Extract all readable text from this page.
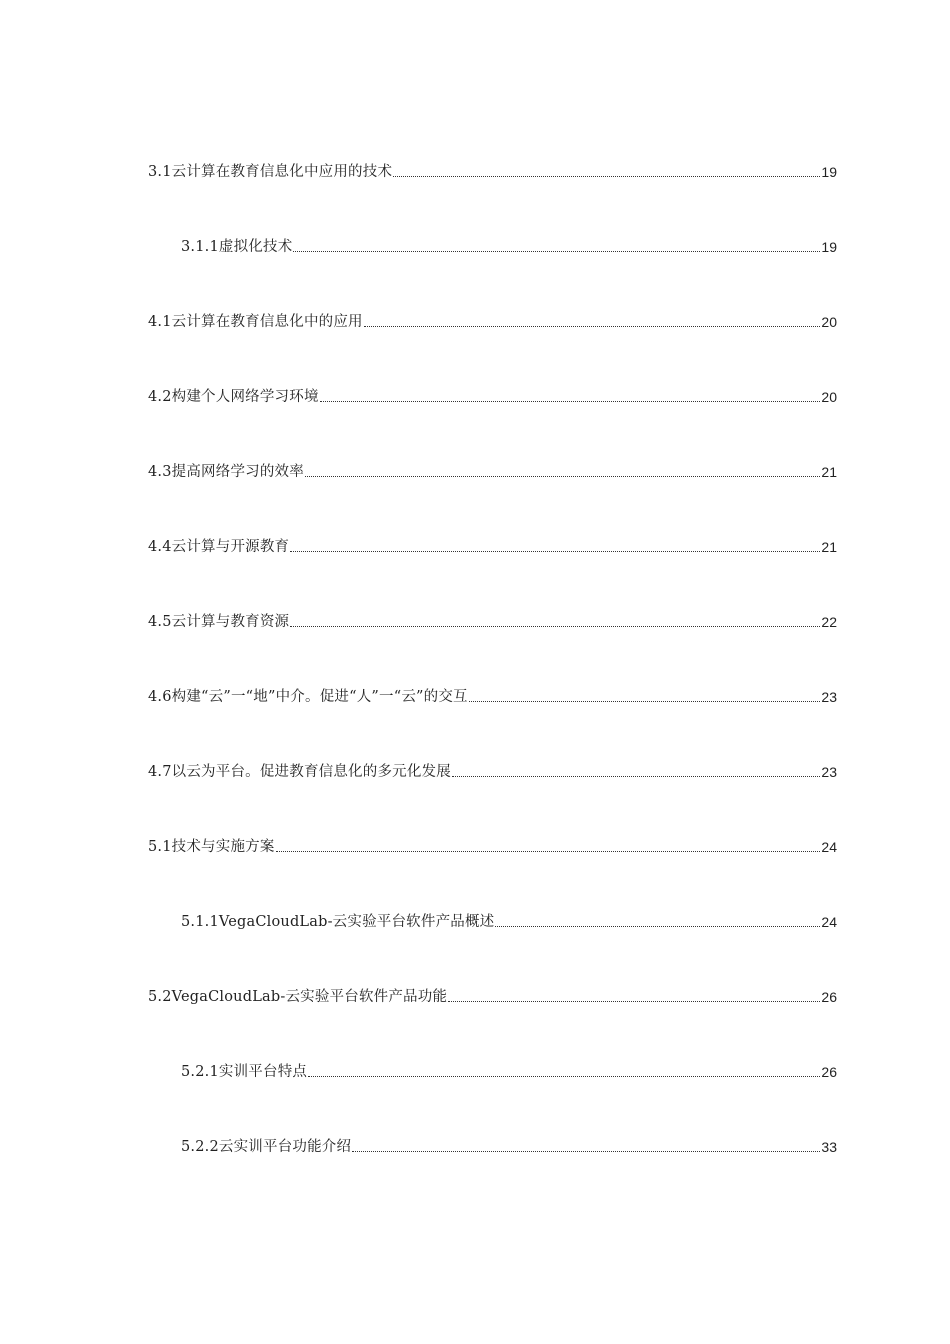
3.1云计算在教育信息化中应用的技术	19
3.1.1虚拟化技术	19
4.1云计算在教育信息化中的应用	20
4.2构建个人网络学习环境	20
4.3提高网络学习的效率	21
4.4云计算与开源教育	21
4.5云计算与教育资源	22
4.6构建“云”一“地”中介。促进“人”一“云”的交互	23
4.7以云为平台。促进教育信息化的多元化发展	23
5.1技术与实施方案	24
5.1.1VegaCloudLab-云实验平台软件产品概述	24
5.2VegaCloudLab-云实验平台软件产品功能	26
5.2.1实训平台特点	26
5.2.2云实训平台功能介绍	33
